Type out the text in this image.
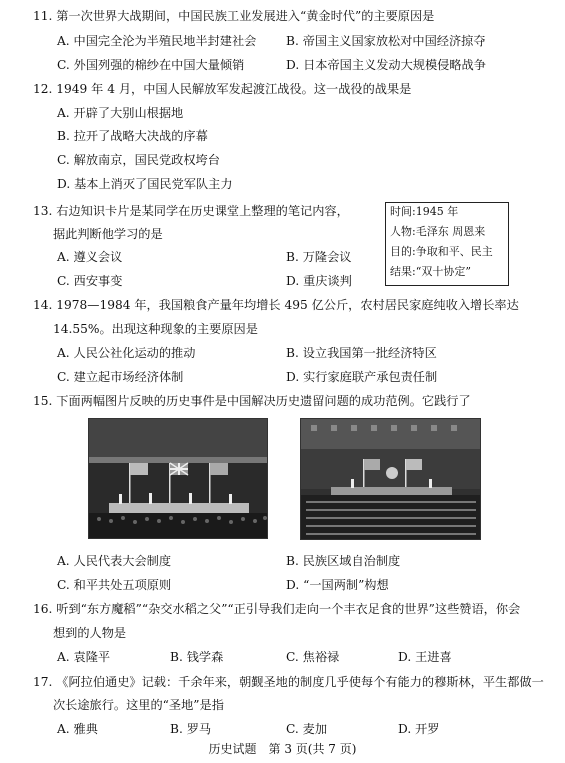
11. 第一次世界大战期间，中国民族工业发展进入“黄金时代”的主要原因是
A. 中国完全沦为半殖民地半封建社会 B. 帝国主义国家放松对中国经济掠夺
C. 外国列强的棉纱在中国大量倾销	D. 日本帝国主义发动大规模侵略战争
12. 1949 年 4 月，中国人民解放军发起渡江战役。这一战役的战果是
A. 开辟了大别山根据地
B. 拉开了战略大决战的序幕
C. 解放南京，国民党政权垮台
D. 基本上消灭了国民党军队主力
13. 右边知识卡片是某同学在历史课堂上整理的笔记内容，
据此判断他学习的是
A. 遵义会议	B. 万隆会议
C. 西安事变	D. 重庆谈判
时间:1945 年
人物:毛泽东 周恩来
目的:争取和平、民主
结果:“双十协定”
14. 1978—1984 年，我国粮食产量年均增长 495 亿公斤，农村居民家庭纯收入增长率达
14.55%。出现这种现象的主要原因是
A. 人民公社化运动的推动	B. 设立我国第一批经济特区
C. 建立起市场经济体制	D. 实行家庭联产承包责任制
15. 下面两幅图片反映的历史事件是中国解决历史遗留问题的成功范例。它践行了
A. 人民代表大会制度	B. 民族区域自治制度
C. 和平共处五项原则	D. “一国两制”构想
16. 听到“东方魔稻”“杂交水稻之父”“正引导我们走向一个丰衣足食的世界”这些赞语，你会
想到的人物是
A. 袁隆平	B. 钱学森	C. 焦裕禄	D. 王进喜
17. 《阿拉伯通史》记载：千余年来，朝觐圣地的制度几乎使每个有能力的穆斯林，平生都做一
次长途旅行。这里的“圣地”是指
A. 雅典	B. 罗马	C. 麦加	D. 开罗
历史试题　第 3 页(共 7 页)
